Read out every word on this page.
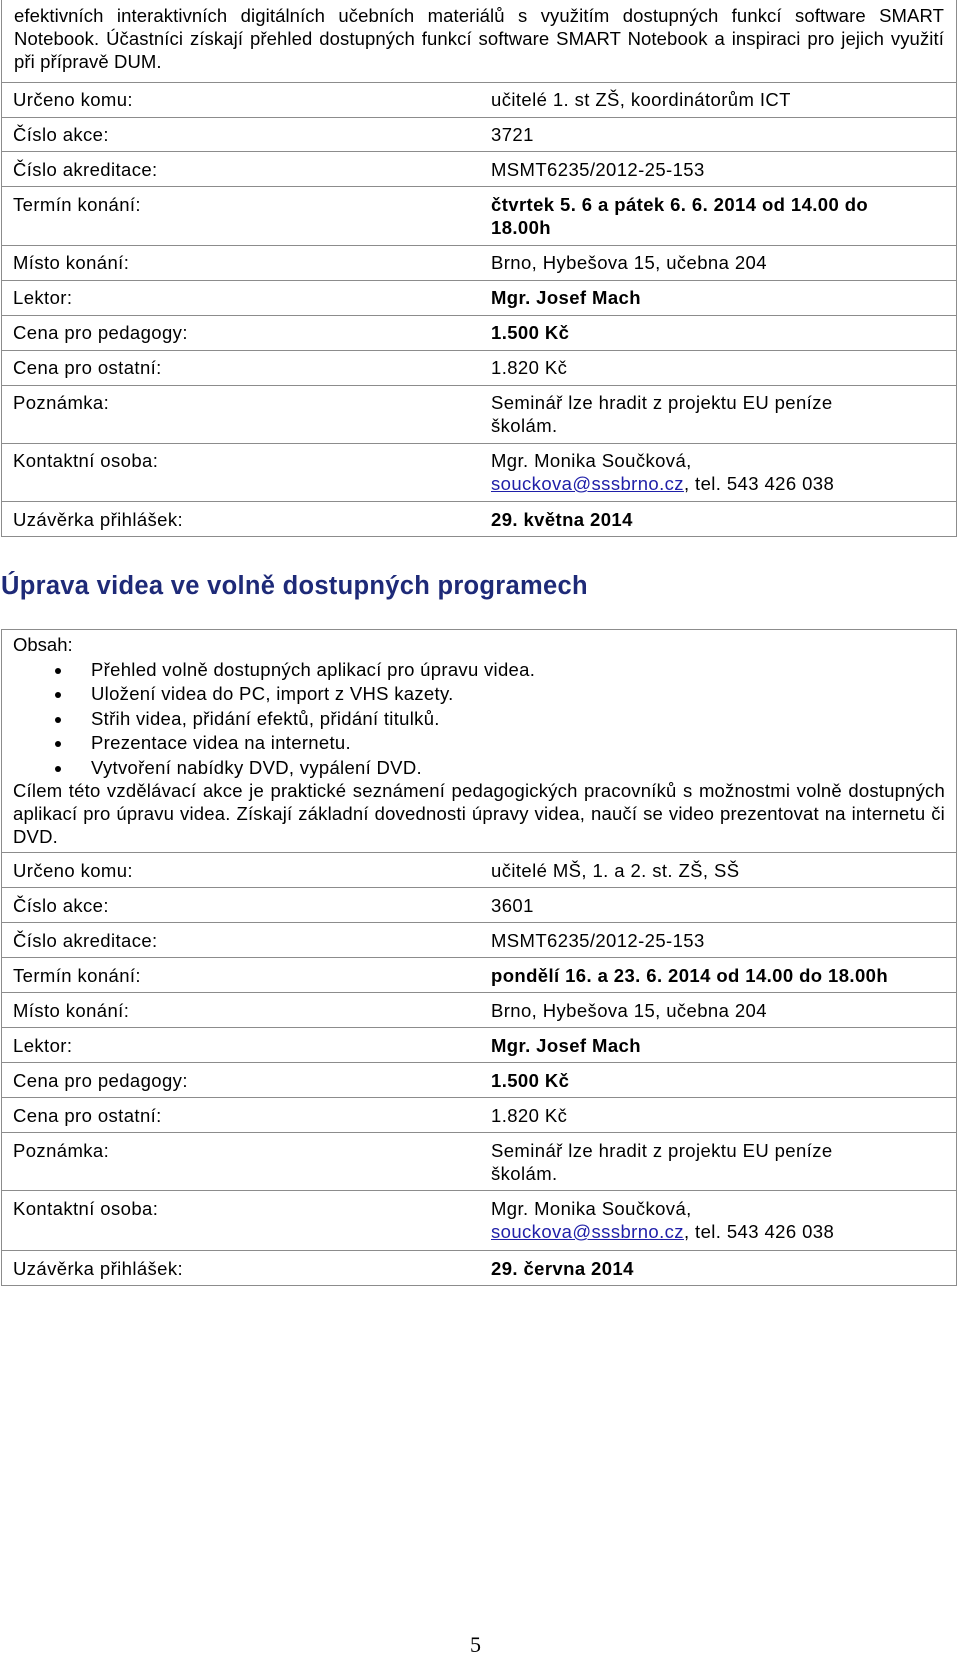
efektivních interaktivních digitálních učebních materiálů s využitím dostupných funkcí software SMART Notebook. Účastníci získají přehled dostupných funkcí software SMART Notebook a inspiraci pro jejich využití při přípravě DUM.
Určeno komu:	učitelé 1. st ZŠ, koordinátorům ICT
Číslo akce:	3721
Číslo akreditace:	MSMT6235/2012-25-153
Termín konání:	čtvrtek 5. 6 a pátek 6. 6. 2014 od 14.00 do 18.00h
Místo konání:	Brno, Hybešova 15, učebna 204
Lektor:	Mgr. Josef Mach
Cena pro pedagogy:	1.500 Kč
Cena pro ostatní:	1.820 Kč
Poznámka:	Seminář lze hradit z projektu EU peníze školám.
Kontaktní osoba:	Mgr. Monika Součková,
souckova@sssbrno.cz, tel. 543 426 038
Uzávěrka přihlášek:	29. května 2014
Úprava videa ve volně dostupných programech
Obsah:
Přehled volně dostupných aplikací pro úpravu videa.
Uložení videa do PC, import z VHS kazety.
Střih videa, přidání efektů, přidání titulků.
Prezentace videa na internetu.
Vytvoření nabídky DVD, vypálení DVD.
Cílem této vzdělávací akce je praktické seznámení pedagogických pracovníků s možnostmi volně dostupných aplikací pro úpravu videa. Získají základní dovednosti úpravy videa, naučí se video prezentovat na internetu či DVD.
Určeno komu:	učitelé MŠ, 1. a 2. st. ZŠ, SŠ
Číslo akce:	3601
Číslo akreditace:	MSMT6235/2012-25-153
Termín konání:	pondělí 16. a 23. 6. 2014 od 14.00 do 18.00h
Místo konání:	Brno, Hybešova 15, učebna 204
Lektor:	Mgr. Josef Mach
Cena pro pedagogy:	1.500 Kč
Cena pro ostatní:	1.820 Kč
Poznámka:	Seminář lze hradit z projektu EU peníze školám.
Kontaktní osoba:	Mgr. Monika Součková,
souckova@sssbrno.cz, tel. 543 426 038
Uzávěrka přihlášek:	29. června 2014
5
